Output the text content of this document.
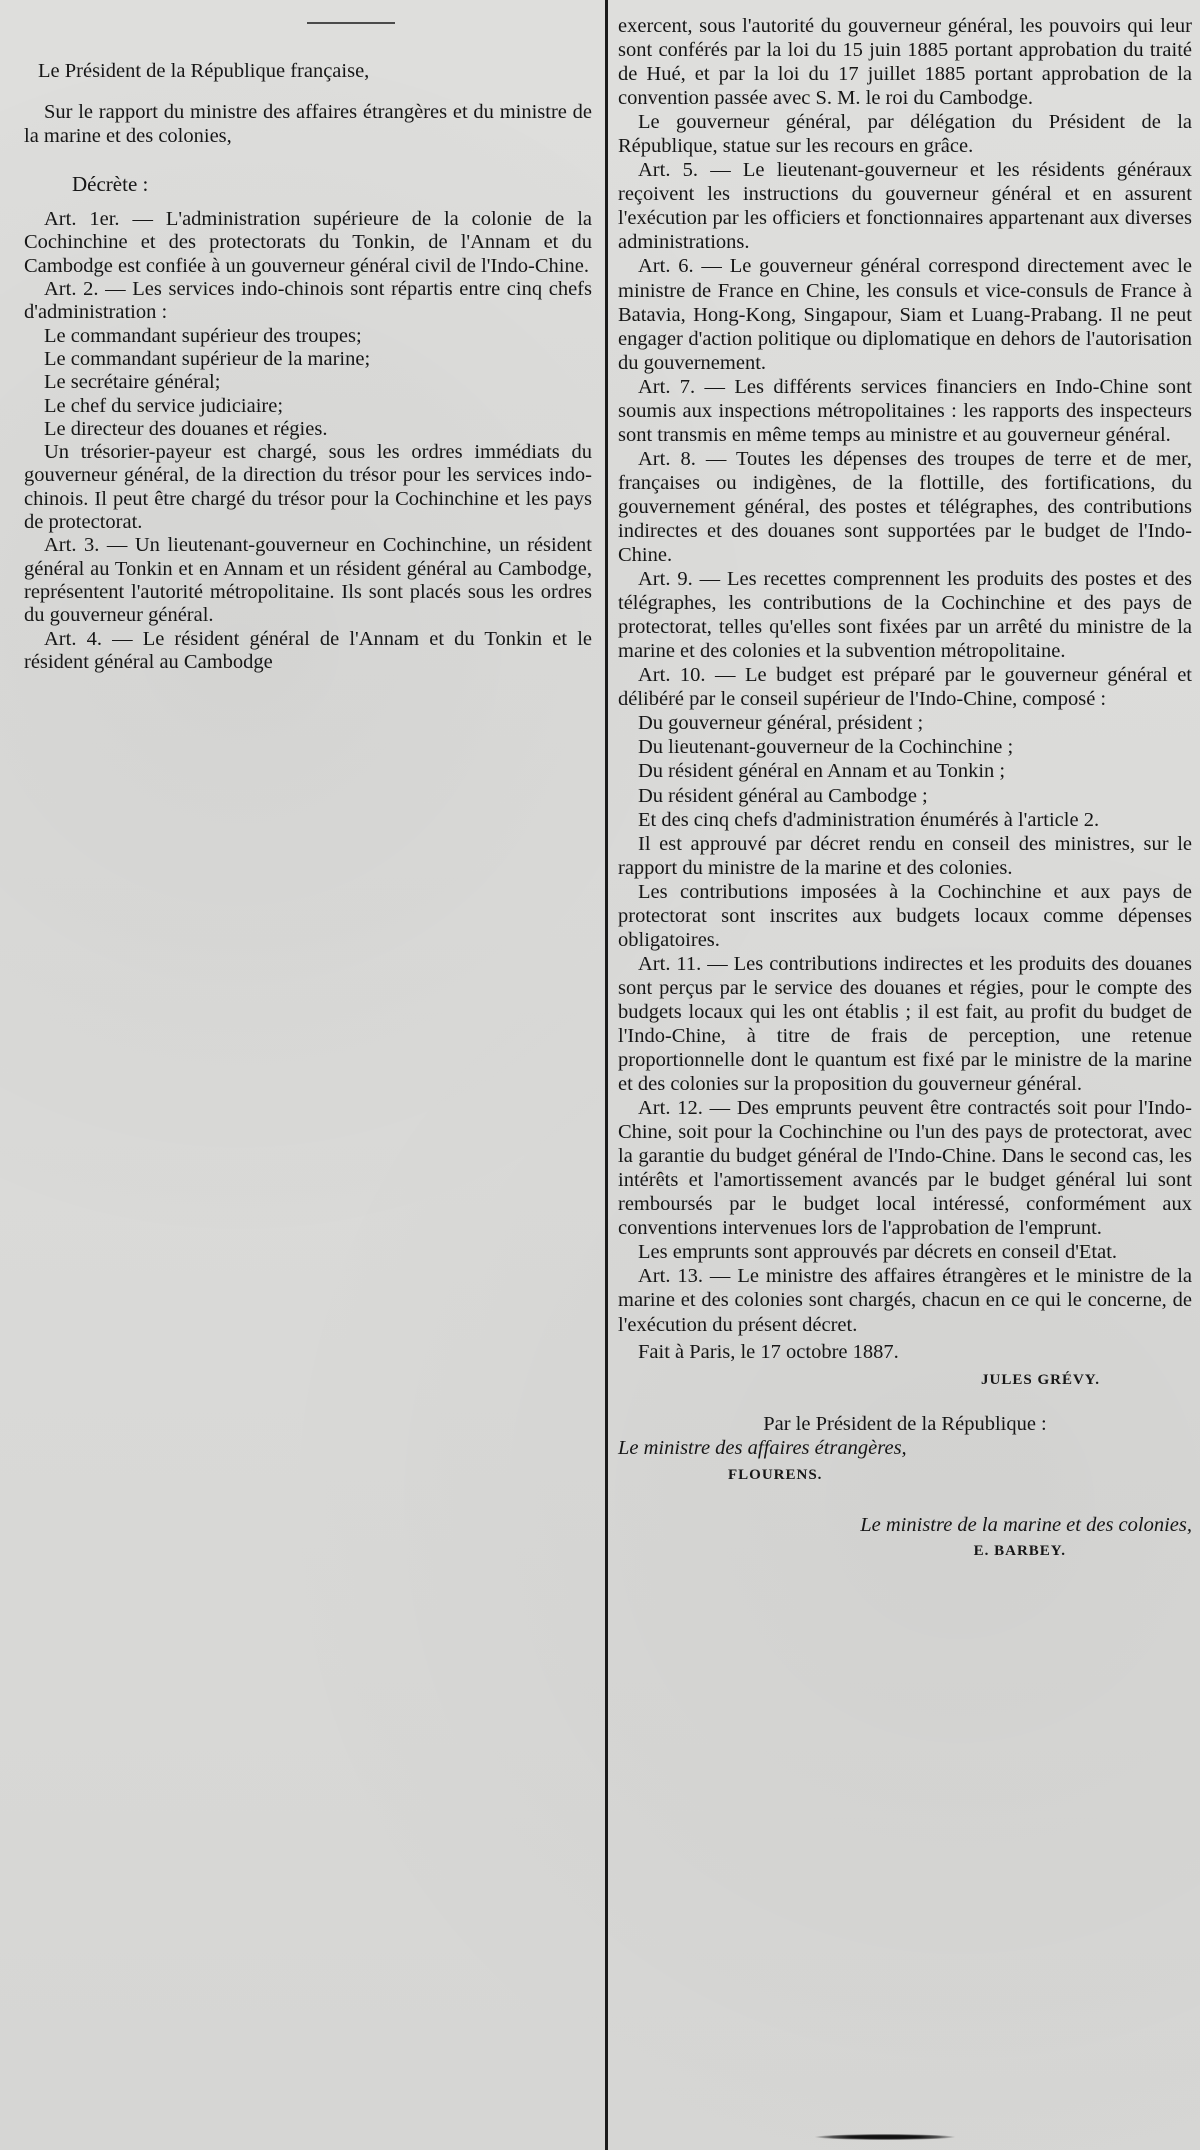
Le Président de la République française,

Sur le rapport du ministre des affaires étrangères et du ministre de la marine et des colonies,

Décrète :

Art. 1er. — L'administration supérieure de la colonie de la Cochinchine et des protectorats du Tonkin, de l'Annam et du Cambodge est confiée à un gouverneur général civil de l'Indo-Chine.

Art. 2. — Les services indo-chinois sont répartis entre cinq chefs d'administration :

Le commandant supérieur des troupes;

Le commandant supérieur de la marine;

Le secrétaire général;

Le chef du service judiciaire;

Le directeur des douanes et régies.

Un trésorier-payeur est chargé, sous les ordres immédiats du gouverneur général, de la direction du trésor pour les services indo-chinois. Il peut être chargé du trésor pour la Cochinchine et les pays de protectorat.

Art. 3. — Un lieutenant-gouverneur en Cochinchine, un résident général au Tonkin et en Annam et un résident général au Cambodge, représentent l'autorité métropolitaine. Ils sont placés sous les ordres du gouverneur général.

Art. 4. — Le résident général de l'Annam et du Tonkin et le résident général au Cambodge

exercent, sous l'autorité du gouverneur général, les pouvoirs qui leur sont conférés par la loi du 15 juin 1885 portant approbation du traité de Hué, et par la loi du 17 juillet 1885 portant approbation de la convention passée avec S. M. le roi du Cambodge.

Le gouverneur général, par délégation du Président de la République, statue sur les recours en grâce.

Art. 5. — Le lieutenant-gouverneur et les résidents généraux reçoivent les instructions du gouverneur général et en assurent l'exécution par les officiers et fonctionnaires appartenant aux diverses administrations.

Art. 6. — Le gouverneur général correspond directement avec le ministre de France en Chine, les consuls et vice-consuls de France à Batavia, Hong-Kong, Singapour, Siam et Luang-Prabang. Il ne peut engager d'action politique ou diplomatique en dehors de l'autorisation du gouvernement.

Art. 7. — Les différents services financiers en Indo-Chine sont soumis aux inspections métropolitaines : les rapports des inspecteurs sont transmis en même temps au ministre et au gouverneur général.

Art. 8. — Toutes les dépenses des troupes de terre et de mer, françaises ou indigènes, de la flottille, des fortifications, du gouvernement général, des postes et télégraphes, des contributions indirectes et des douanes sont supportées par le budget de l'Indo-Chine.

Art. 9. — Les recettes comprennent les produits des postes et des télégraphes, les contributions de la Cochinchine et des pays de protectorat, telles qu'elles sont fixées par un arrêté du ministre de la marine et des colonies et la subvention métropolitaine.

Art. 10. — Le budget est préparé par le gouverneur général et délibéré par le conseil supérieur de l'Indo-Chine, composé :

Du gouverneur général, président ;

Du lieutenant-gouverneur de la Cochinchine ;

Du résident général en Annam et au Tonkin ;

Du résident général au Cambodge ;

Et des cinq chefs d'administration énumérés à l'article 2.

Il est approuvé par décret rendu en conseil des ministres, sur le rapport du ministre de la marine et des colonies.

Les contributions imposées à la Cochinchine et aux pays de protectorat sont inscrites aux budgets locaux comme dépenses obligatoires.

Art. 11. — Les contributions indirectes et les produits des douanes sont perçus par le service des douanes et régies, pour le compte des budgets locaux qui les ont établis ; il est fait, au profit du budget de l'Indo-Chine, à titre de frais de perception, une retenue proportionnelle dont le quantum est fixé par le ministre de la marine et des colonies sur la proposition du gouverneur général.

Art. 12. — Des emprunts peuvent être contractés soit pour l'Indo-Chine, soit pour la Cochinchine ou l'un des pays de protectorat, avec la garantie du budget général de l'Indo-Chine. Dans le second cas, les intérêts et l'amortissement avancés par le budget général lui sont remboursés par le budget local intéressé, conformément aux conventions intervenues lors de l'approbation de l'emprunt.

Les emprunts sont approuvés par décrets en conseil d'Etat.

Art. 13. — Le ministre des affaires étrangères et le ministre de la marine et des colonies sont chargés, chacun en ce qui le concerne, de l'exécution du présent décret.

Fait à Paris, le 17 octobre 1887.

JULES GRÉVY.

Par le Président de la République :

Le ministre des affaires étrangères,

FLOURENS.

Le ministre de la marine et des colonies,

E. BARBEY.
